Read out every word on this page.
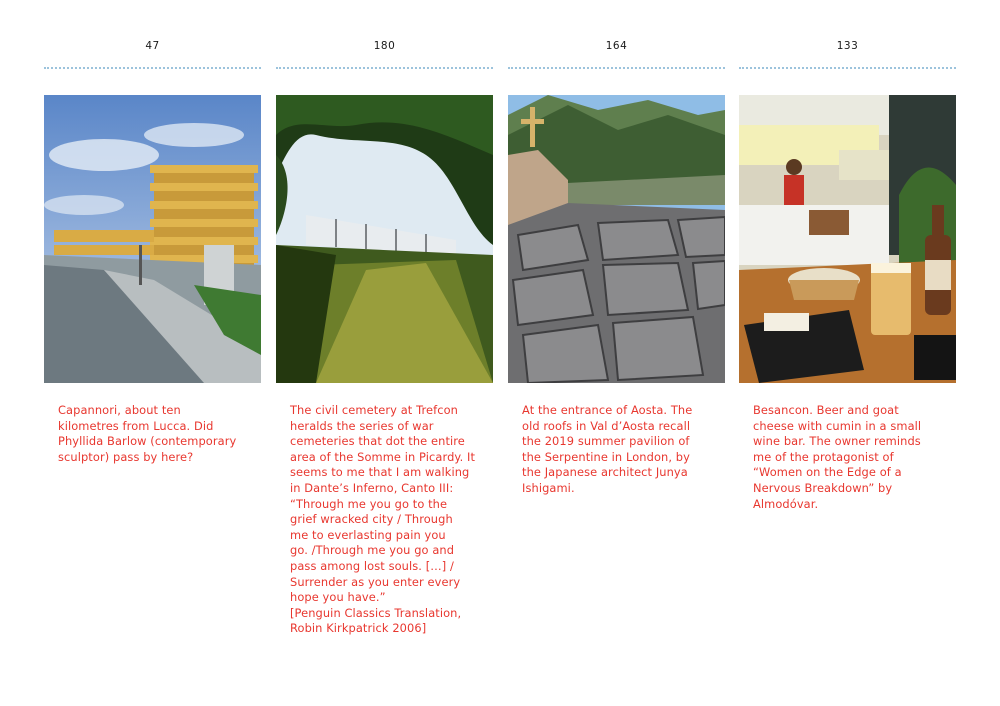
47
Capannori, about ten
kilometres from Lucca. Did
Phyllida Barlow (contemporary
sculptor) pass by here?
180
The civil cemetery at Trefcon
heralds the series of war
cemeteries that dot the entire
area of the Somme in Picardy. It
seems to me that I am walking
in Dante’s Inferno, Canto III:
“Through me you go to the
grief wracked city / Through
me to everlasting pain you
go. /Through me you go and
pass among lost souls. […] /
Surrender as you enter every
hope you have.”
[Penguin Classics Translation,
Robin Kirkpatrick 2006]
164
At the entrance of Aosta. The
old roofs in Val d’Aosta recall
the 2019 summer pavilion of
the Serpentine in London, by
the Japanese architect Junya
Ishigami.
133
Besancon. Beer and goat
cheese with cumin in a small
wine bar. The owner reminds
me of the protagonist of
“Women on the Edge of a
Nervous Breakdown” by
Almodóvar.
